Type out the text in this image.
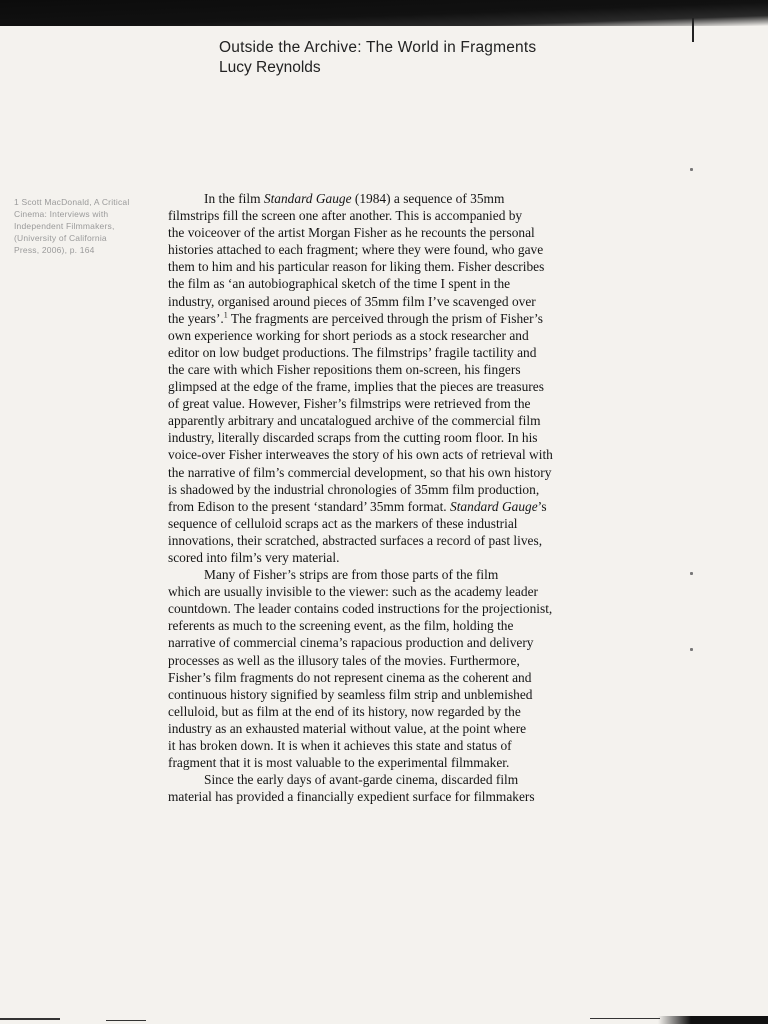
Outside the Archive: The World in Fragments
Lucy Reynolds
1 Scott MacDonald, A Critical
Cinema: Interviews with
Independent Filmmakers,
(University of California
Press, 2006), p. 164
In the film Standard Gauge (1984) a sequence of 35mm
filmstrips fill the screen one after another. This is accompanied by
the voiceover of the artist Morgan Fisher as he recounts the personal
histories attached to each fragment; where they were found, who gave
them to him and his particular reason for liking them. Fisher describes
the film as ‘an autobiographical sketch of the time I spent in the
industry, organised around pieces of 35mm film I’ve scavenged over
the years’.$^1$ The fragments are perceived through the prism of Fisher’s
own experience working for short periods as a stock researcher and
editor on low budget productions. The filmstrips’ fragile tactility and
the care with which Fisher repositions them on-screen, his fingers
glimpsed at the edge of the frame, implies that the pieces are treasures
of great value. However, Fisher’s filmstrips were retrieved from the
apparently arbitrary and uncatalogued archive of the commercial film
industry, literally discarded scraps from the cutting room floor. In his
voice-over Fisher interweaves the story of his own acts of retrieval with
the narrative of film’s commercial development, so that his own history
is shadowed by the industrial chronologies of 35mm film production,
from Edison to the present ‘standard’ 35mm format. Standard Gauge’s
sequence of celluloid scraps act as the markers of these industrial
innovations, their scratched, abstracted surfaces a record of past lives,
scored into film’s very material.
Many of Fisher’s strips are from those parts of the film
which are usually invisible to the viewer: such as the academy leader
countdown. The leader contains coded instructions for the projectionist,
referents as much to the screening event, as the film, holding the
narrative of commercial cinema’s rapacious production and delivery
processes as well as the illusory tales of the movies. Furthermore,
Fisher’s film fragments do not represent cinema as the coherent and
continuous history signified by seamless film strip and unblemished
celluloid, but as film at the end of its history, now regarded by the
industry as an exhausted material without value, at the point where
it has broken down. It is when it achieves this state and status of
fragment that it is most valuable to the experimental filmmaker.
Since the early days of avant-garde cinema, discarded film
material has provided a financially expedient surface for filmmakers
